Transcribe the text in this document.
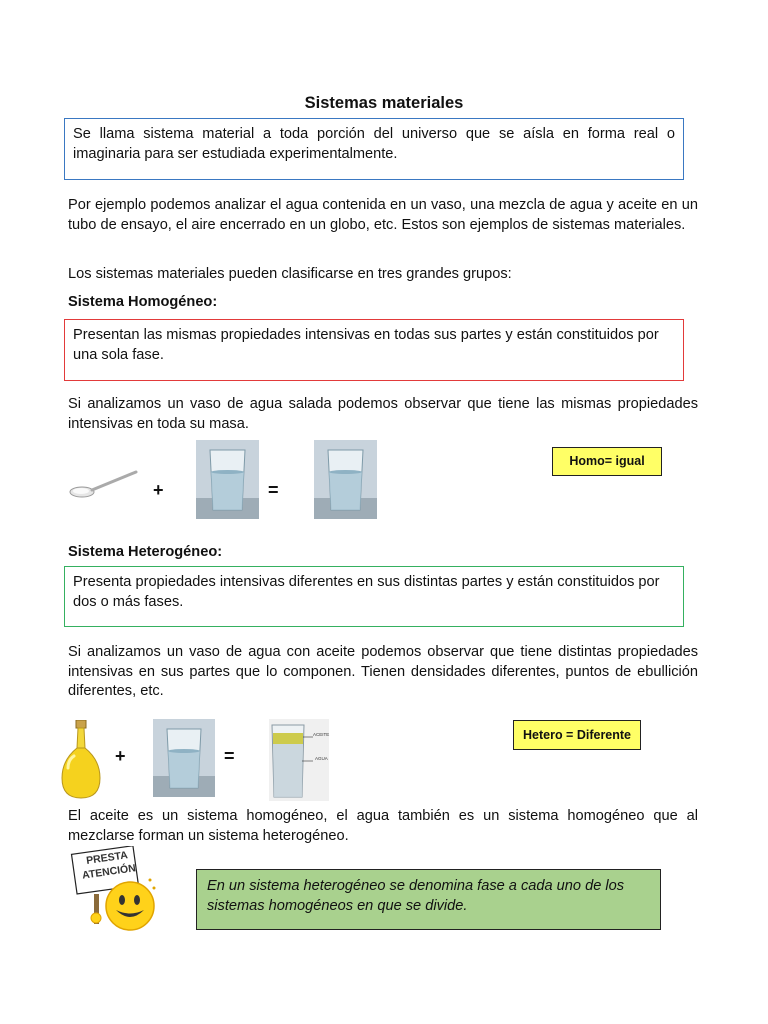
Sistemas materiales
Se llama sistema material a toda porción del universo que se aísla en forma real o imaginaria para ser estudiada experimentalmente.
Por ejemplo podemos analizar el agua contenida en un vaso, una mezcla de agua y aceite en un tubo de ensayo, el aire encerrado en un globo, etc. Estos son ejemplos de sistemas materiales.
Los sistemas materiales pueden clasificarse en tres grandes grupos:
Sistema Homogéneo:
Presentan las mismas propiedades intensivas en todas sus partes y están constituidos por una sola fase.
Si analizamos un vaso de agua salada podemos observar que tiene las mismas propiedades intensivas en toda su masa.
+	=
Homo= igual
Sistema Heterogéneo:
Presenta propiedades intensivas diferentes en sus distintas partes y están constituidos por dos o más fases.
Si analizamos un vaso de agua con aceite podemos observar que tiene distintas propiedades intensivas en sus partes que lo componen. Tienen densidades diferentes, puntos de ebullición diferentes, etc.
+	=
ACEITE
AGUA
Hetero = Diferente
El aceite es un sistema homogéneo, el agua también es un sistema homogéneo que al mezclarse forman un sistema heterogéneo.
PRESTA
ATENCIÓN
En un sistema heterogéneo se denomina fase a cada uno de los sistemas homogéneos en que se divide.
